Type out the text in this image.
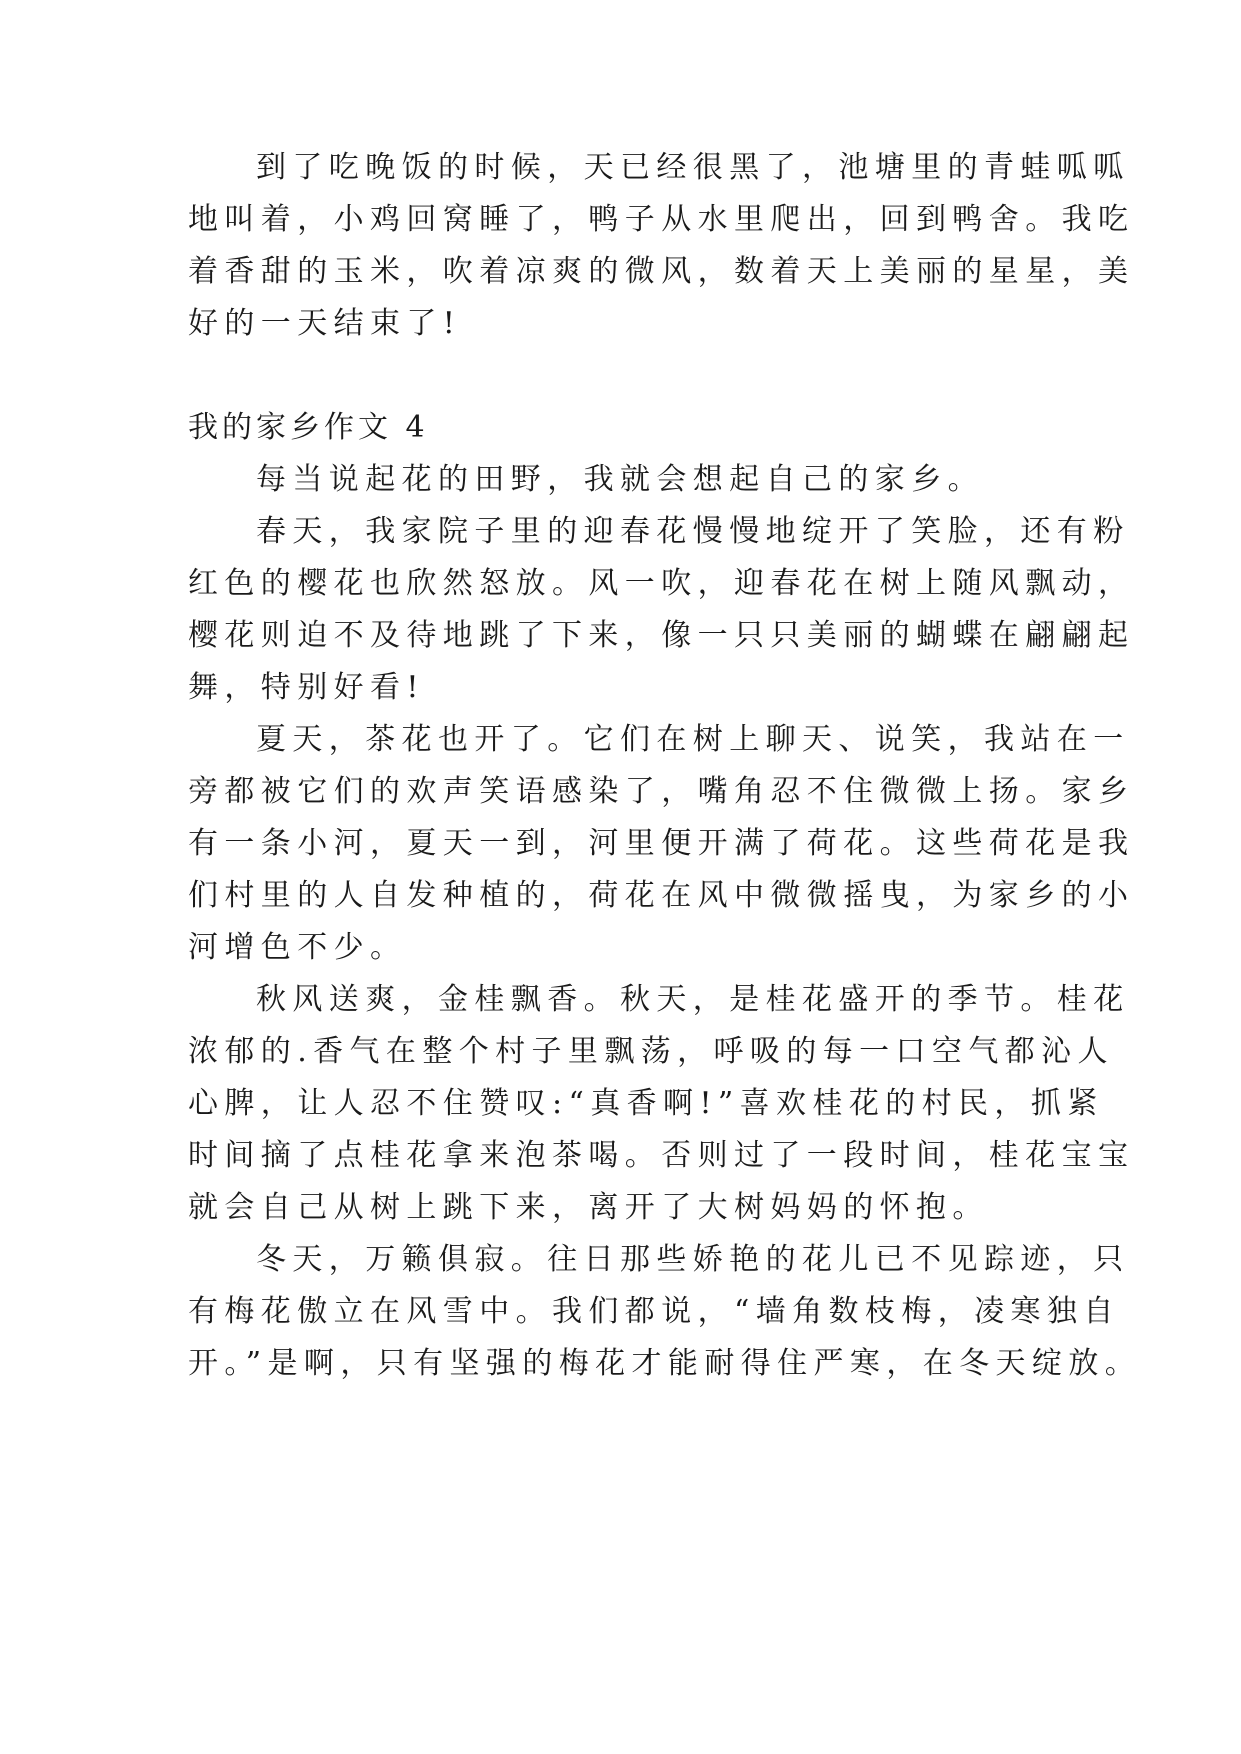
到了吃晚饭的时候，天已经很黑了，池塘里的青蛙呱呱

地叫着，小鸡回窝睡了，鸭子从水里爬出，回到鸭舍。我吃

着香甜的玉米，吹着凉爽的微风，数着天上美丽的星星，美

好的一天结束了!

我的家乡作文 4

每当说起花的田野，我就会想起自己的家乡。

春天，我家院子里的迎春花慢慢地绽开了笑脸，还有粉

红色的樱花也欣然怒放。风一吹，迎春花在树上随风飘动，

樱花则迫不及待地跳了下来，像一只只美丽的蝴蝶在翩翩起

舞，特别好看!

夏天，茶花也开了。它们在树上聊天、说笑，我站在一

旁都被它们的欢声笑语感染了，嘴角忍不住微微上扬。家乡

有一条小河，夏天一到，河里便开满了荷花。这些荷花是我

们村里的人自发种植的，荷花在风中微微摇曳，为家乡的小

河增色不少。

秋风送爽，金桂飘香。秋天，是桂花盛开的季节。桂花

浓郁的.香气在整个村子里飘荡，呼吸的每一口空气都沁人

心脾，让人忍不住赞叹:“真香啊!”喜欢桂花的村民，抓紧

时间摘了点桂花拿来泡茶喝。否则过了一段时间，桂花宝宝

就会自己从树上跳下来，离开了大树妈妈的怀抱。

冬天，万籁俱寂。往日那些娇艳的花儿已不见踪迹，只

有梅花傲立在风雪中。我们都说，“墙角数枝梅，凌寒独自

开。”是啊，只有坚强的梅花才能耐得住严寒，在冬天绽放。
